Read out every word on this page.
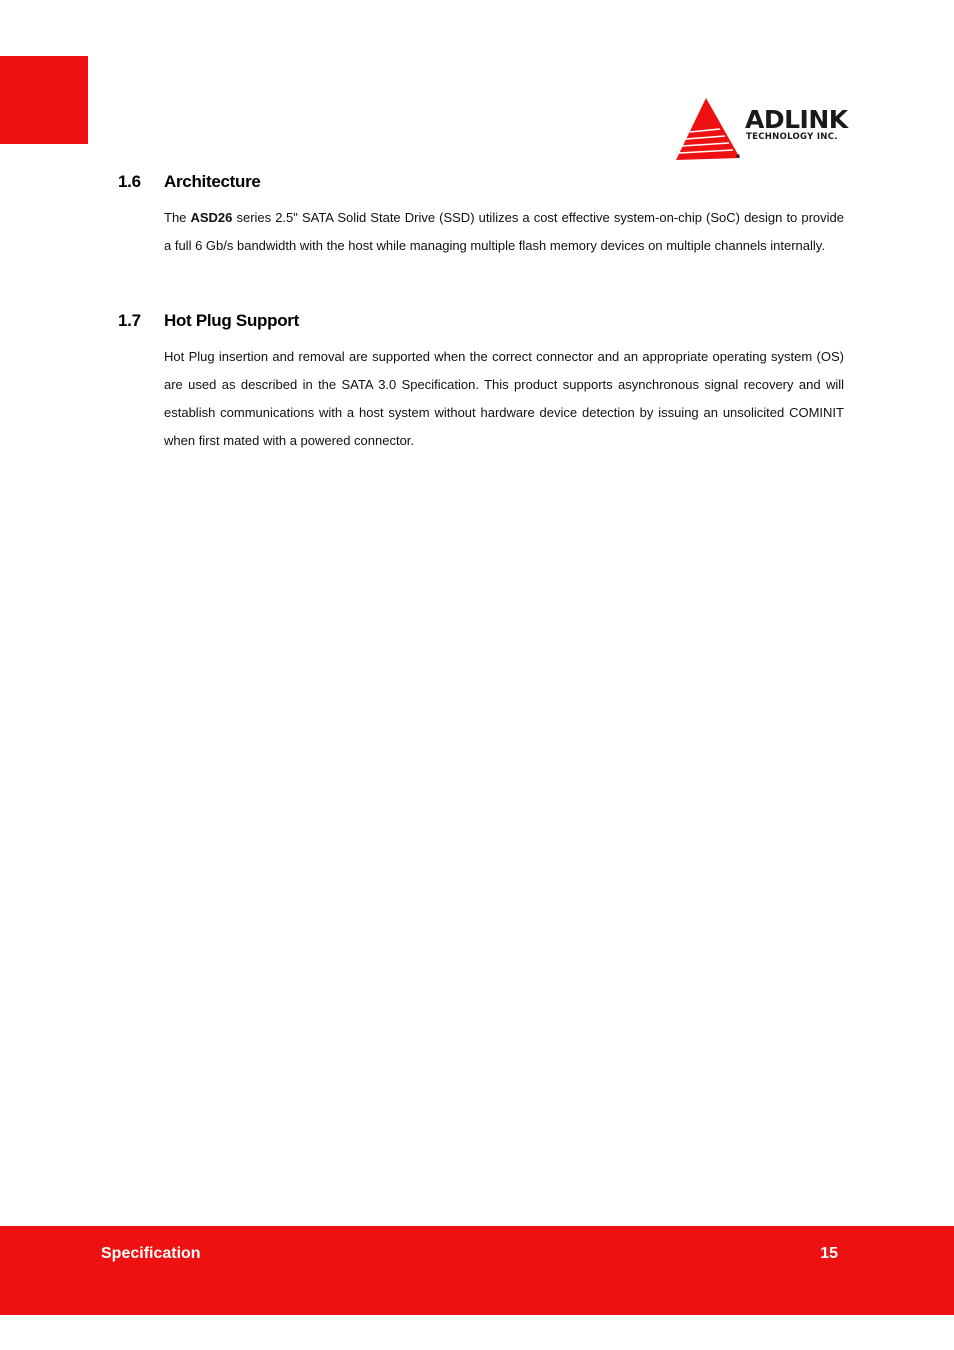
ADLINK
TECHNOLOGY INC.
1.6 Architecture

The ASD26 series 2.5" SATA Solid State Drive (SSD) utilizes a cost effective system-on-chip (SoC) design to provide a full 6 Gb/s bandwidth with the host while managing multiple flash memory devices on multiple channels internally.

1.7 Hot Plug Support

Hot Plug insertion and removal are supported when the correct connector and an appropriate operating system (OS) are used as described in the SATA 3.0 Specification. This product supports asynchronous signal recovery and will establish communications with a host system without hardware device detection by issuing an unsolicited COMINIT when first mated with a powered connector.

Specification	15
